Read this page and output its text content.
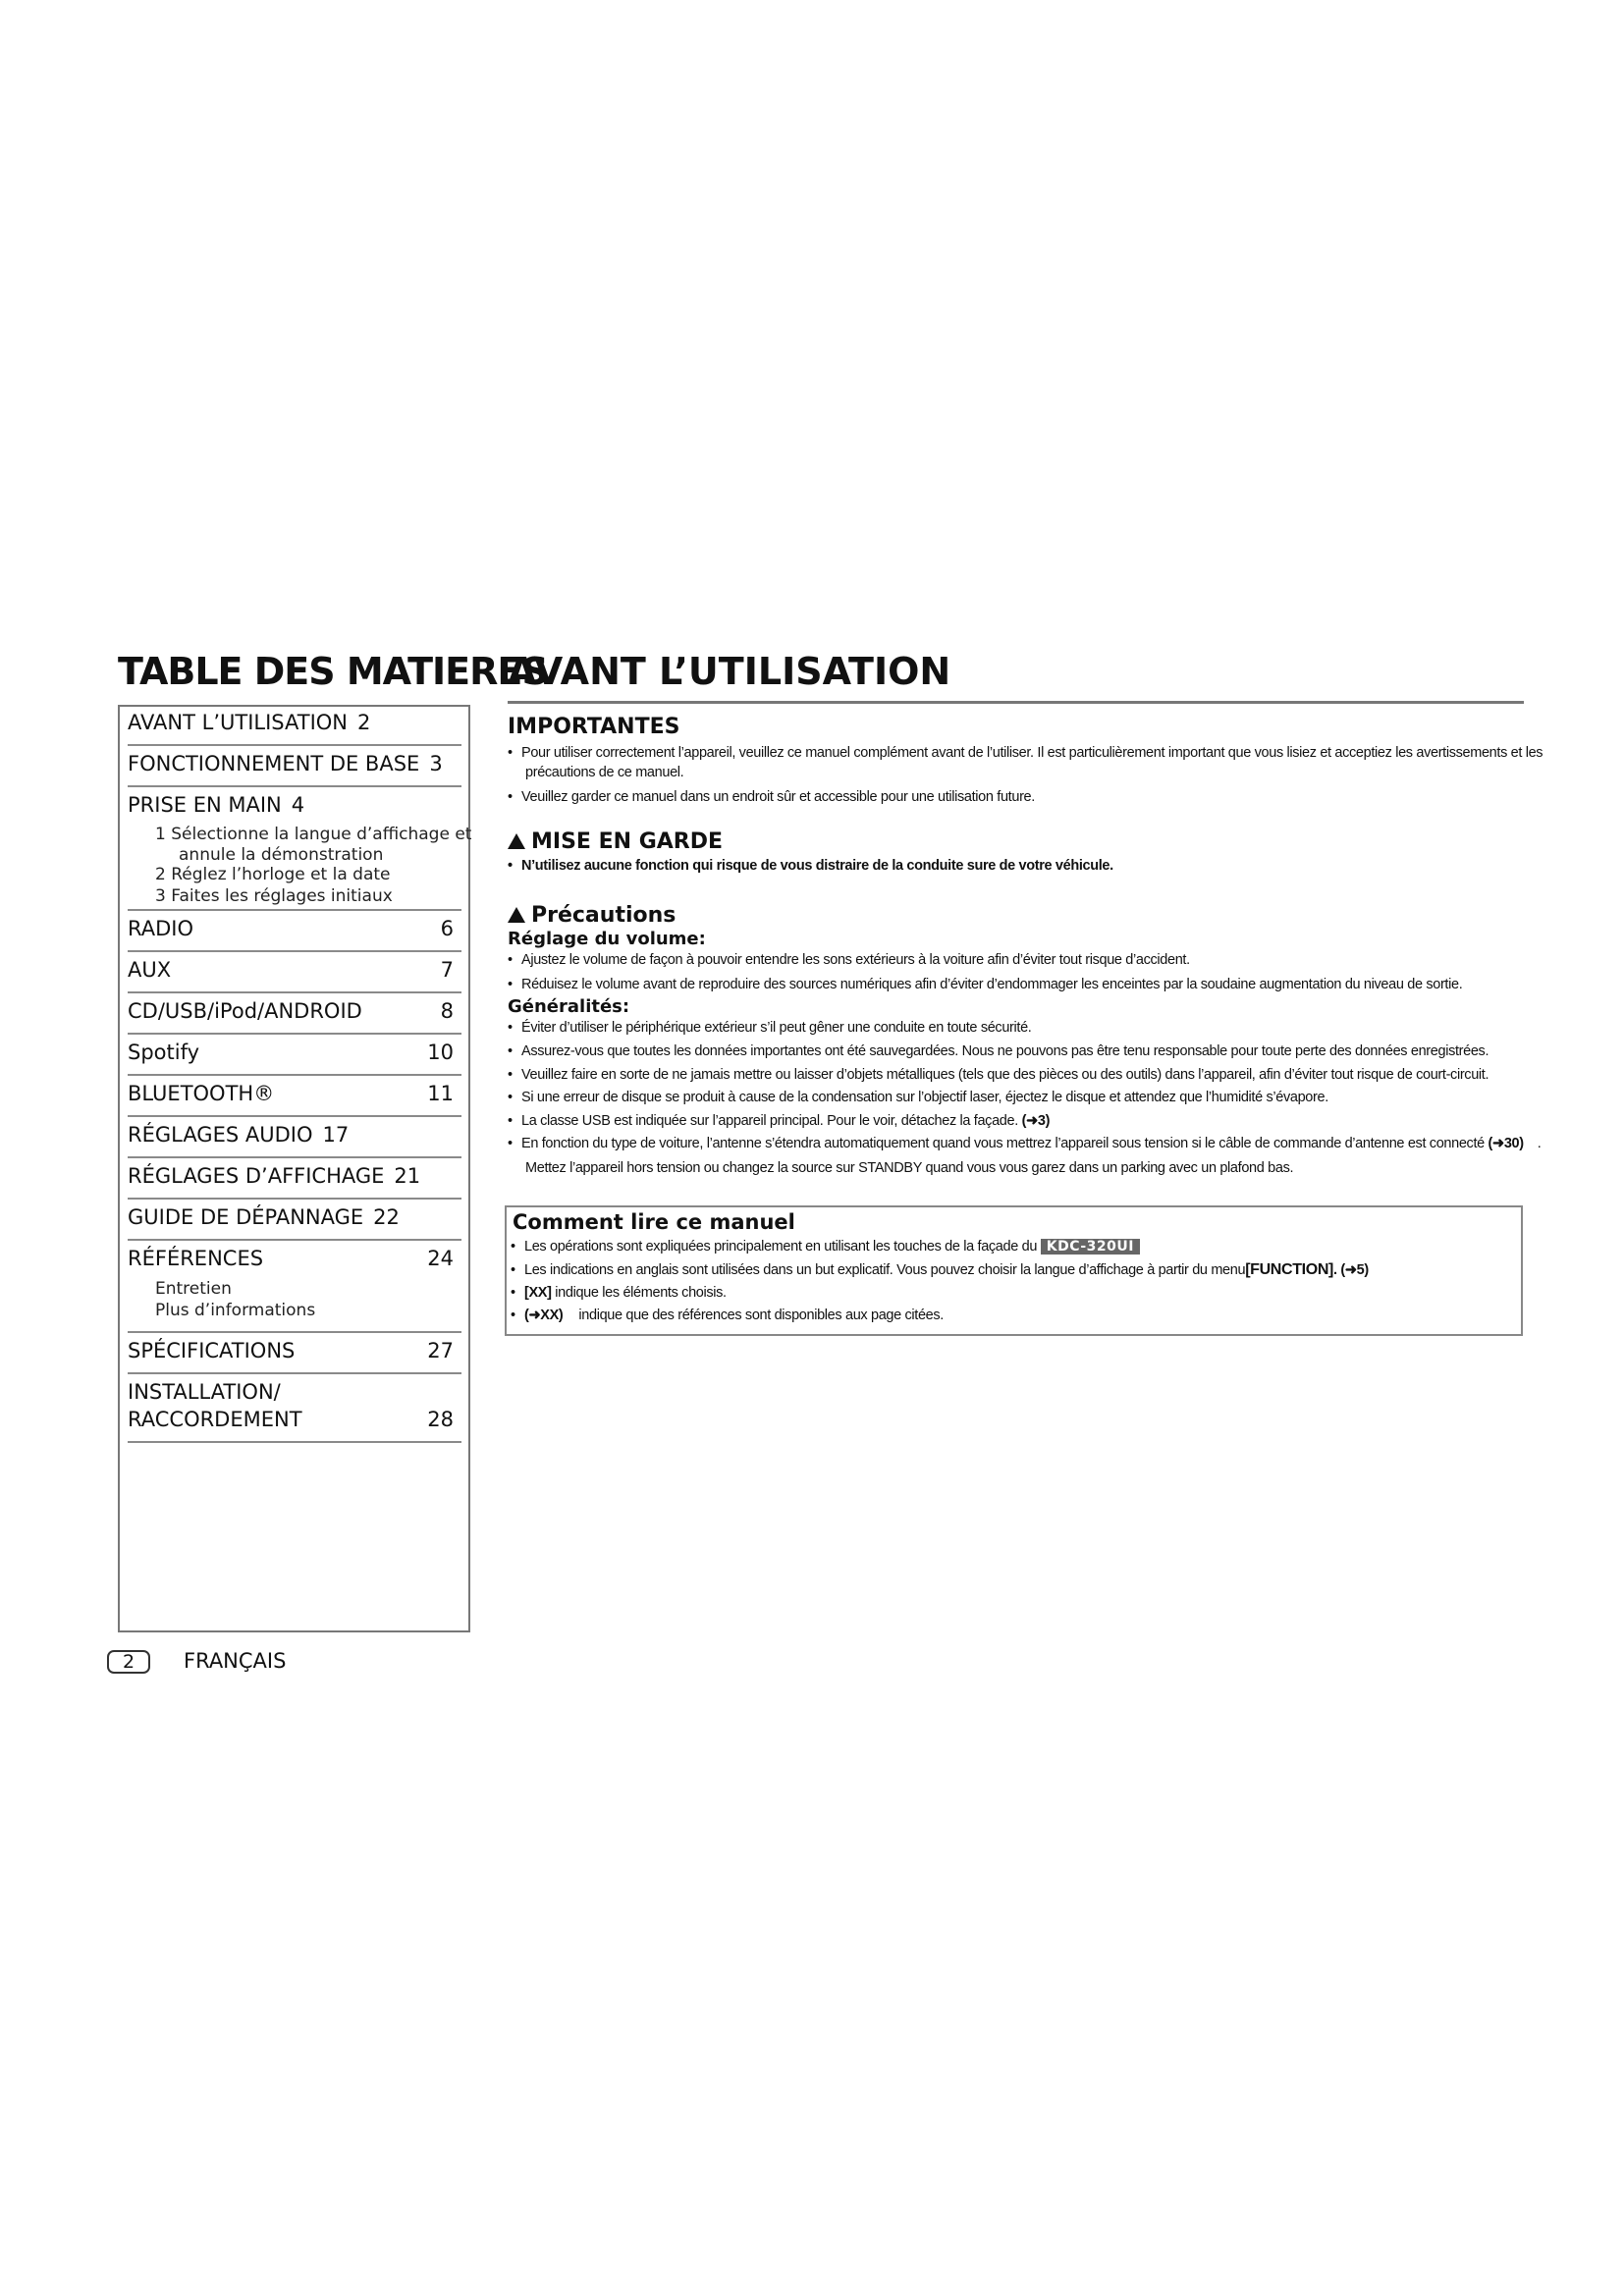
TABLE DES MATIERES
AVANT L’UTILISATION 2
FONCTIONNEMENT DE BASE 3
PRISE EN MAIN 4
1 Sélectionne la langue d’affichage et
annule la démonstration
2 Réglez l’horloge et la date
3 Faites les réglages initiaux
RADIO	6
AUX	7
CD/USB/iPod/ANDROID	8
Spotify	10
BLUETOOTH®	11
RÉGLAGES AUDIO 17
RÉGLAGES D’AFFICHAGE 21
GUIDE DE DÉPANNAGE 22
RÉFÉRENCES	24
Entretien
Plus d’informations
SPÉCIFICATIONS	27
INSTALLATION/
RACCORDEMENT	28
AVANT L’UTILISATION
IMPORTANTES
• Pour utiliser correctement l’appareil, veuillez ce manuel complément avant de l’utiliser. Il est particulièrement important que vous lisiez et acceptiez les avertissements et les
précautions de ce manuel.
• Veuillez garder ce manuel dans un endroit sûr et accessible pour une utilisation future.
MISE EN GARDE
• N’utilisez aucune fonction qui risque de vous distraire de la conduite sure de votre véhicule.
Précautions
Réglage du volume:
• Ajustez le volume de façon à pouvoir entendre les sons extérieurs à la voiture afin d’éviter tout risque d’accident.
• Réduisez le volume avant de reproduire des sources numériques afin d’éviter d’endommager les enceintes par la soudaine augmentation du niveau de sortie.
Généralités:
• Éviter d’utiliser le périphérique extérieur s’il peut gêner une conduite en toute sécurité.
• Assurez-vous que toutes les données importantes ont été sauvegardées. Nous ne pouvons pas être tenu responsable pour toute perte des données enregistrées.
• Veuillez faire en sorte de ne jamais mettre ou laisser d’objets métalliques (tels que des pièces ou des outils) dans l’appareil, afin d’éviter tout risque de court-circuit.
• Si une erreur de disque se produit à cause de la condensation sur l’objectif laser, éjectez le disque et attendez que l’humidité s’évapore.
• La classe USB est indiquée sur l’appareil principal. Pour le voir, détachez la façade. (➜3)
• En fonction du type de voiture, l’antenne s’étendra automatiquement quand vous mettrez l’appareil sous tension si le câble de commande d’antenne est connecté (➜30) .
Mettez l’appareil hors tension ou changez la source sur STANDBY quand vous vous garez dans un parking avec un plafond bas.
Comment lire ce manuel
• Les opérations sont expliquées principalement en utilisant les touches de la façade du KDC-320UI
• Les indications en anglais sont utilisées dans un but explicatif. Vous pouvez choisir la langue d’affichage à partir du menu[FUNCTION]. (➜5)
• [XX] indique les éléments choisis.
• (➜XX) indique que des références sont disponibles aux page citées.
2	FRANÇAIS
